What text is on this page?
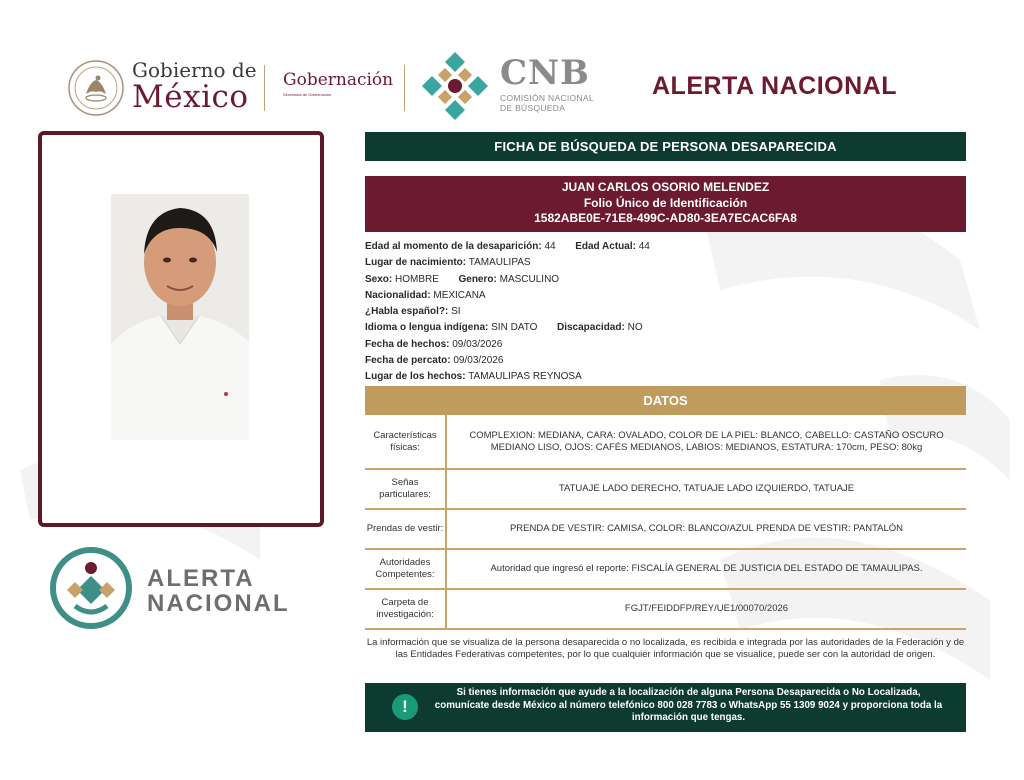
Gobierno de
México	Gobernación
Secretaría de Gobernación
CNB
COMISIÓN NACIONAL
DE BÚSQUEDA
ALERTA NACIONAL
ALERTA
NACIONAL
FICHA DE BÚSQUEDA DE PERSONA DESAPARECIDA
JUAN CARLOS OSORIO MELENDEZ
Folio Único de Identificación
1582ABE0E-71E8-499C-AD80-3EA7ECAC6FA8
Edad al momento de la desaparición: 44 Edad Actual: 44
Lugar de nacimiento: TAMAULIPAS
Sexo: HOMBRE Genero: MASCULINO
Nacionalidad: MEXICANA
¿Habla español?: SI
Idioma o lengua indígena: SIN DATO Discapacidad: NO
Fecha de hechos: 09/03/2026
Fecha de percato: 09/03/2026
Lugar de los hechos: TAMAULIPAS REYNOSA
DATOS
Características físicas:
COMPLEXION: MEDIANA, CARA: OVALADO, COLOR DE LA PIEL: BLANCO, CABELLO: CASTAÑO OSCURO MEDIANO LISO, OJOS: CAFÉS MEDIANOS, LABIOS: MEDIANOS, ESTATURA: 170cm, PESO: 80kg
Señas particulares:
TATUAJE LADO DERECHO, TATUAJE LADO IZQUIERDO, TATUAJE
Prendas de vestir:	PRENDA DE VESTIR: CAMISA, COLOR: BLANCO/AZUL PRENDA DE VESTIR: PANTALÓN
Autoridades Competentes:
Autoridad que ingresó el reporte: FISCALÍA GENERAL DE JUSTICIA DEL ESTADO DE TAMAULIPAS.
Carpeta de investigación:
FGJT/FEIDDFP/REY/UE1/00070/2026
La información que se visualiza de la persona desaparecida o no localizada, es recibida e integrada por las autoridades de la Federación y de las Entidades Federativas competentes, por lo que cualquier información que se visualice, puede ser con la autoridad de origen.
!
Si tienes información que ayude a la localización de alguna Persona Desaparecida o No Localizada, comunícate desde México al número telefónico 800 028 7783 o WhatsApp 55 1309 9024 y proporciona toda la información que tengas.
